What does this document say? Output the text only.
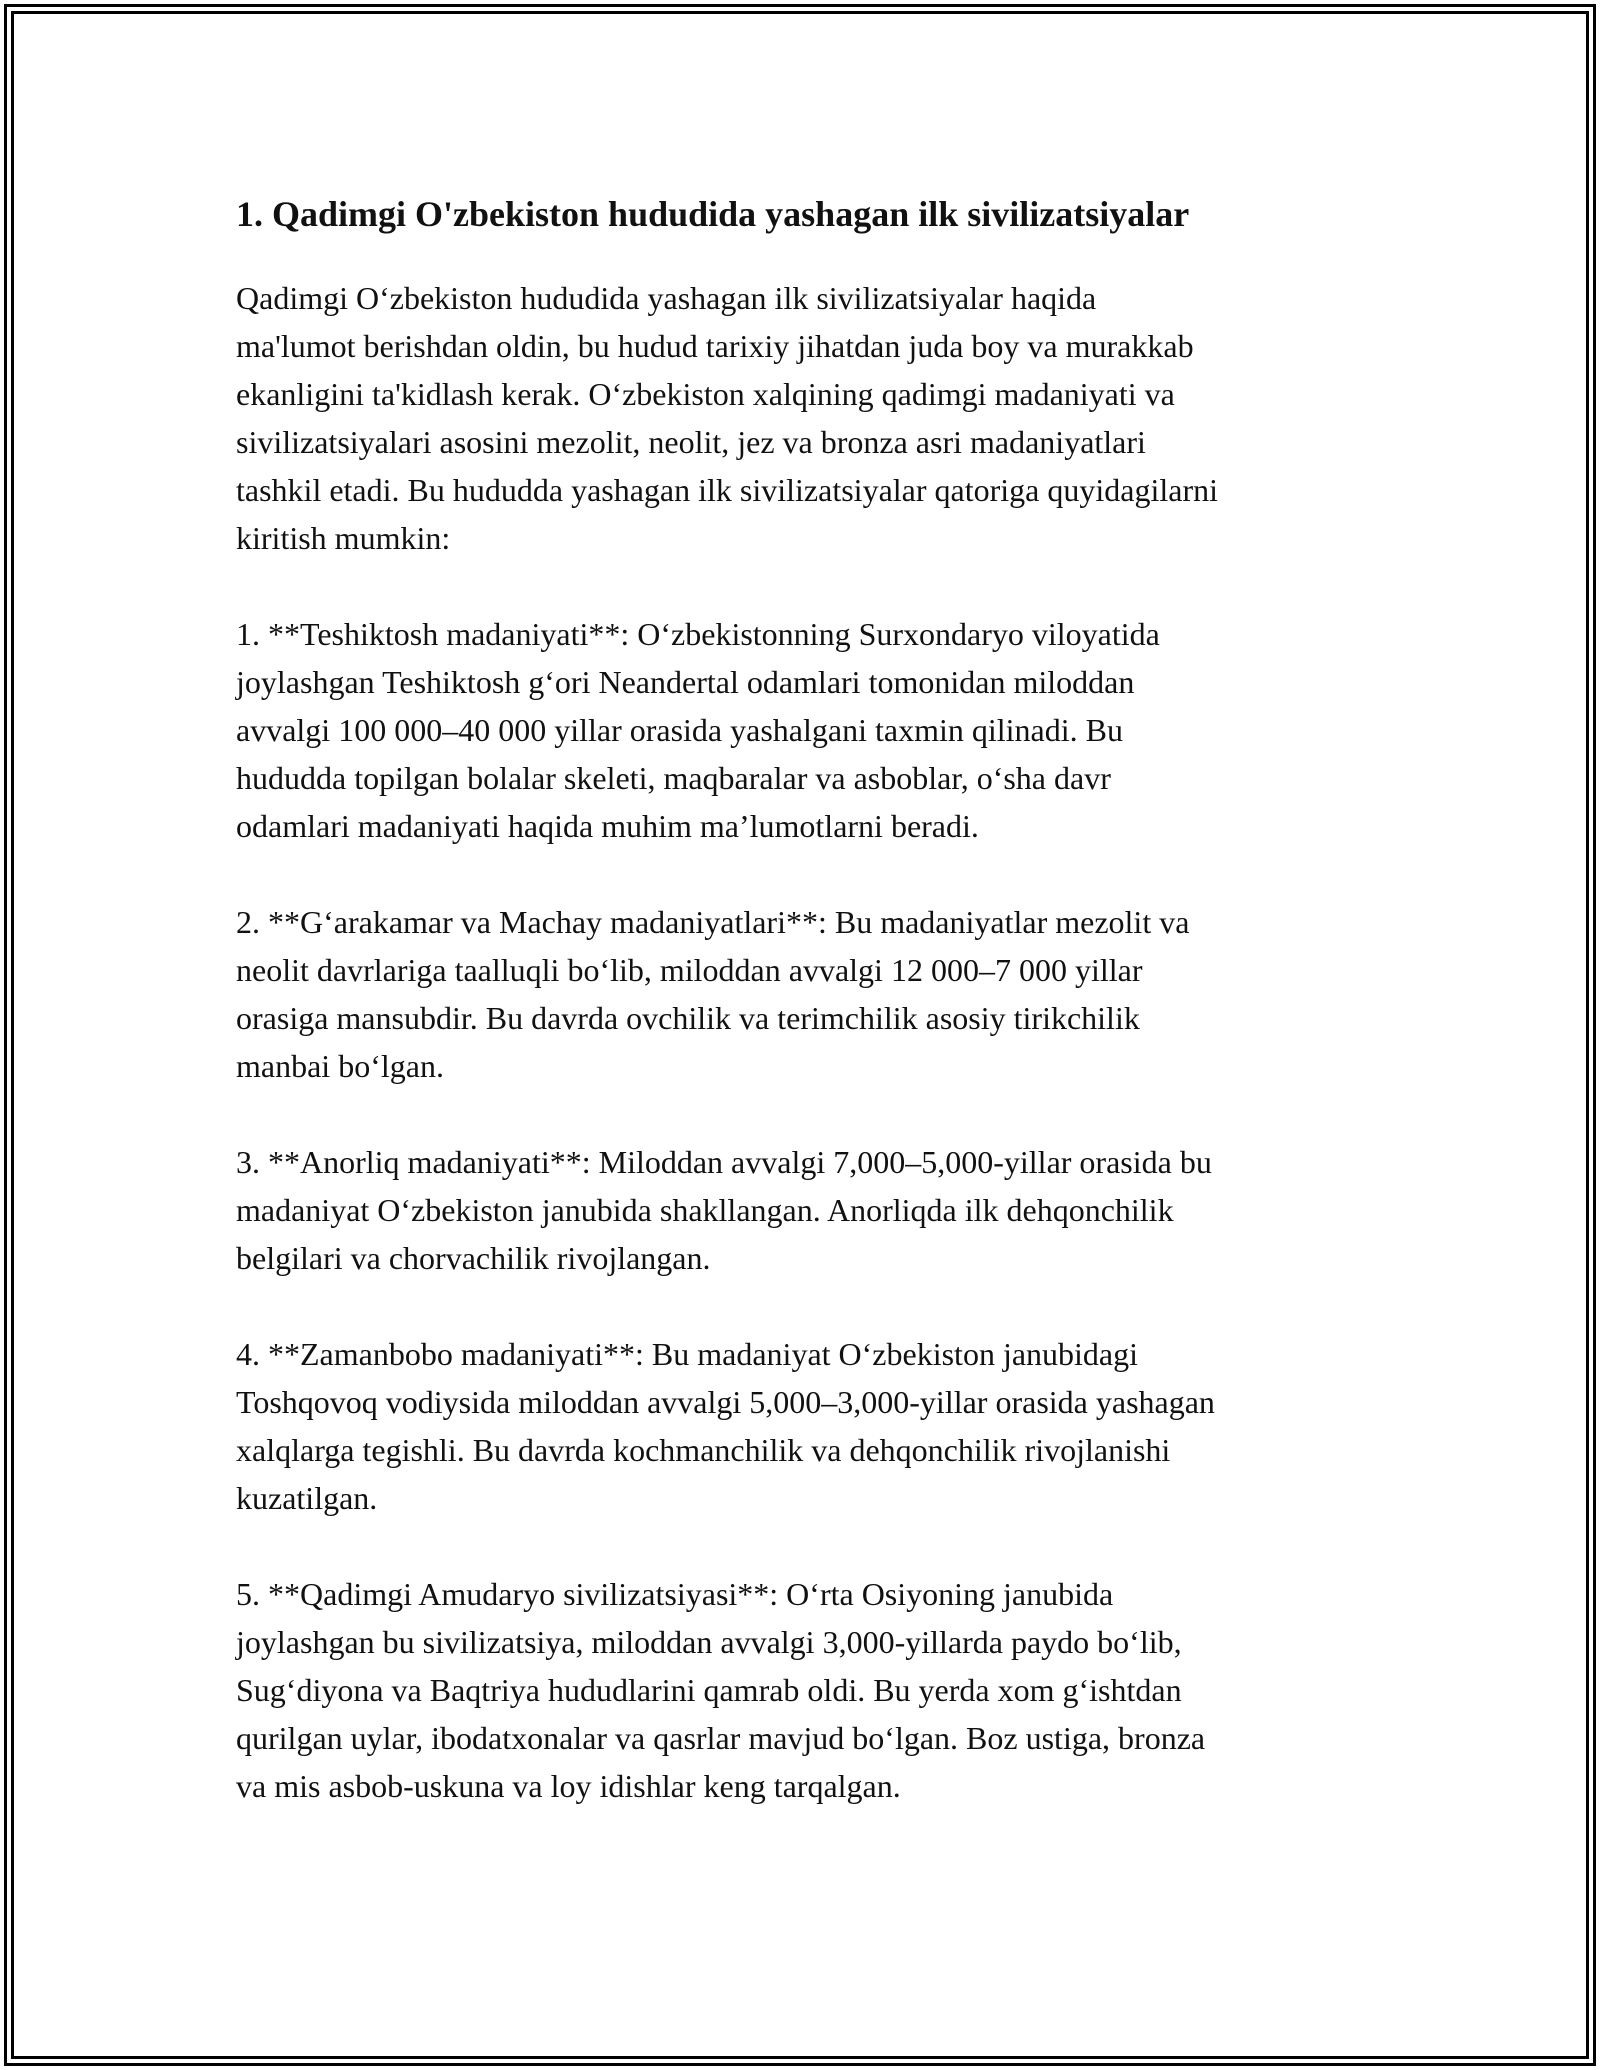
1. Qadimgi O'zbekiston hududida yashagan ilk sivilizatsiyalar

Qadimgi O‘zbekiston hududida yashagan ilk sivilizatsiyalar haqida
ma'lumot berishdan oldin, bu hudud tarixiy jihatdan juda boy va murakkab
ekanligini ta'kidlash kerak. O‘zbekiston xalqining qadimgi madaniyati va
sivilizatsiyalari asosini mezolit, neolit, jez va bronza asri madaniyatlari
tashkil etadi. Bu hududda yashagan ilk sivilizatsiyalar qatoriga quyidagilarni
kiritish mumkin:

1. **Teshiktosh madaniyati**: O‘zbekistonning Surxondaryo viloyatida
joylashgan Teshiktosh g‘ori Neandertal odamlari tomonidan miloddan
avvalgi 100 000–40 000 yillar orasida yashalgani taxmin qilinadi. Bu
hududda topilgan bolalar skeleti, maqbaralar va asboblar, o‘sha davr
odamlari madaniyati haqida muhim ma’lumotlarni beradi.

2. **G‘arakamar va Machay madaniyatlari**: Bu madaniyatlar mezolit va
neolit davrlariga taalluqli bo‘lib, miloddan avvalgi 12 000–7 000 yillar
orasiga mansubdir. Bu davrda ovchilik va terimchilik asosiy tirikchilik
manbai bo‘lgan.

3. **Anorliq madaniyati**: Miloddan avvalgi 7,000–5,000-yillar orasida bu
madaniyat O‘zbekiston janubida shakllangan. Anorliqda ilk dehqonchilik
belgilari va chorvachilik rivojlangan.

4. **Zamanbobo madaniyati**: Bu madaniyat O‘zbekiston janubidagi
Toshqovoq vodiysida miloddan avvalgi 5,000–3,000-yillar orasida yashagan
xalqlarga tegishli. Bu davrda kochmanchilik va dehqonchilik rivojlanishi
kuzatilgan.

5. **Qadimgi Amudaryo sivilizatsiyasi**: O‘rta Osiyoning janubida
joylashgan bu sivilizatsiya, miloddan avvalgi 3,000-yillarda paydo bo‘lib,
Sug‘diyona va Baqtriya hududlarini qamrab oldi. Bu yerda xom g‘ishtdan
qurilgan uylar, ibodatxonalar va qasrlar mavjud bo‘lgan. Boz ustiga, bronza
va mis asbob-uskuna va loy idishlar keng tarqalgan.
